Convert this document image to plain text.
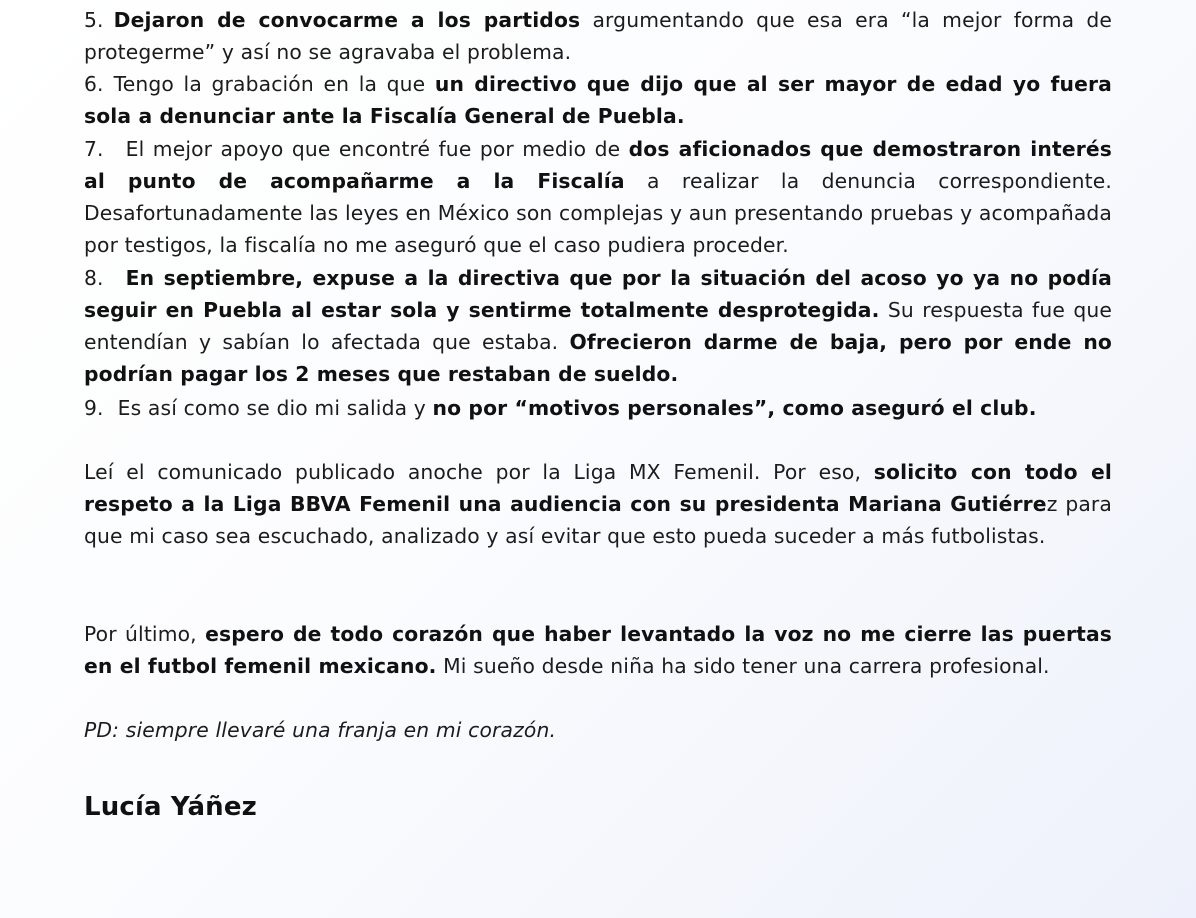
5. Dejaron de convocarme a los partidos argumentando que esa era “la mejor forma de protegerme” y así no se agravaba el problema.
6. Tengo la grabación en la que un directivo que dijo que al ser mayor de edad yo fuera sola a denunciar ante la Fiscalía General de Puebla.
7. El mejor apoyo que encontré fue por medio de dos aficionados que demostraron interés al punto de acompañarme a la Fiscalía a realizar la denuncia correspondiente. Desafortunadamente las leyes en México son complejas y aun presentando pruebas y acompañada por testigos, la fiscalía no me aseguró que el caso pudiera proceder.
8. En septiembre, expuse a la directiva que por la situación del acoso yo ya no podía seguir en Puebla al estar sola y sentirme totalmente desprotegida. Su respuesta fue que entendían y sabían lo afectada que estaba. Ofrecieron darme de baja, pero por ende no podrían pagar los 2 meses que restaban de sueldo.
9. Es así como se dio mi salida y no por “motivos personales”, como aseguró el club.
Leí el comunicado publicado anoche por la Liga MX Femenil. Por eso, solicito con todo el respeto a la Liga BBVA Femenil una audiencia con su presidenta Mariana Gutiérrez para que mi caso sea escuchado, analizado y así evitar que esto pueda suceder a más futbolistas.
Por último, espero de todo corazón que haber levantado la voz no me cierre las puertas en el futbol femenil mexicano. Mi sueño desde niña ha sido tener una carrera profesional.
PD: siempre llevaré una franja en mi corazón.
Lucía Yáñez
